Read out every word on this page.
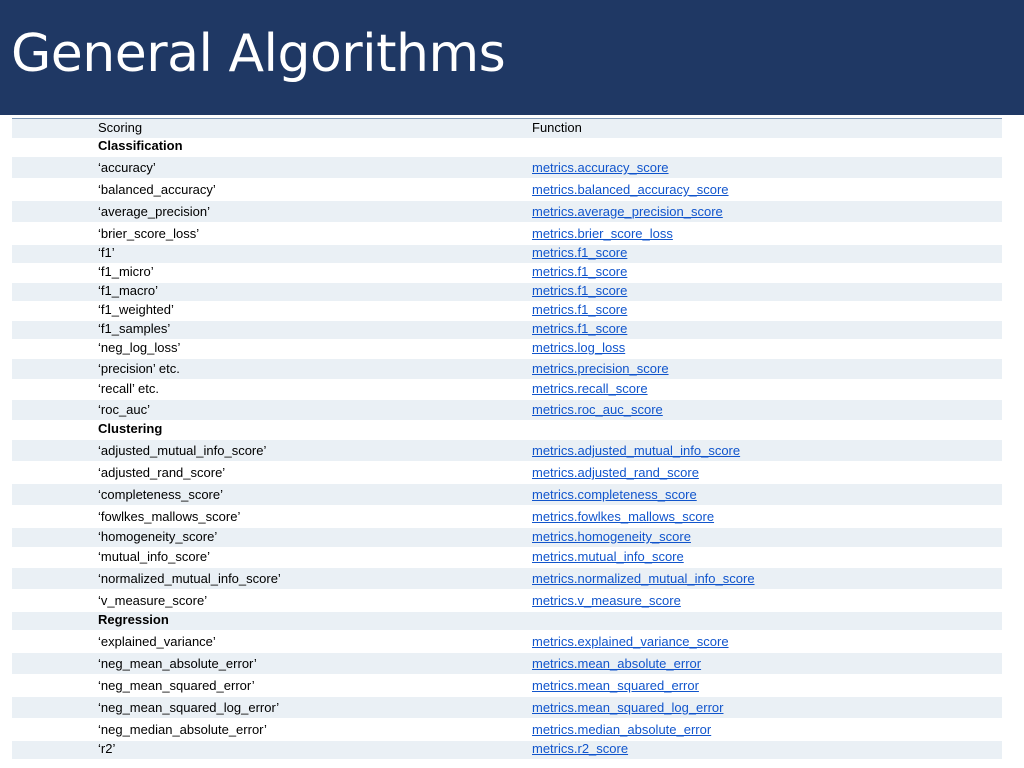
General Algorithms
Scoring	Function
Classification
‘accuracy’	metrics.accuracy_score
‘balanced_accuracy’	metrics.balanced_accuracy_score
‘average_precision’	metrics.average_precision_score
‘brier_score_loss’	metrics.brier_score_loss
‘f1’	metrics.f1_score
‘f1_micro’	metrics.f1_score
‘f1_macro’	metrics.f1_score
‘f1_weighted’	metrics.f1_score
‘f1_samples’	metrics.f1_score
‘neg_log_loss’	metrics.log_loss
‘precision’ etc.	metrics.precision_score
‘recall’ etc.	metrics.recall_score
‘roc_auc’	metrics.roc_auc_score
Clustering
‘adjusted_mutual_info_score’	metrics.adjusted_mutual_info_score
‘adjusted_rand_score’	metrics.adjusted_rand_score
‘completeness_score’	metrics.completeness_score
‘fowlkes_mallows_score’	metrics.fowlkes_mallows_score
‘homogeneity_score’	metrics.homogeneity_score
‘mutual_info_score’	metrics.mutual_info_score
‘normalized_mutual_info_score’	metrics.normalized_mutual_info_score
‘v_measure_score’	metrics.v_measure_score
Regression
‘explained_variance’	metrics.explained_variance_score
‘neg_mean_absolute_error’	metrics.mean_absolute_error
‘neg_mean_squared_error’	metrics.mean_squared_error
‘neg_mean_squared_log_error’	metrics.mean_squared_log_error
‘neg_median_absolute_error’	metrics.median_absolute_error
‘r2’	metrics.r2_score
